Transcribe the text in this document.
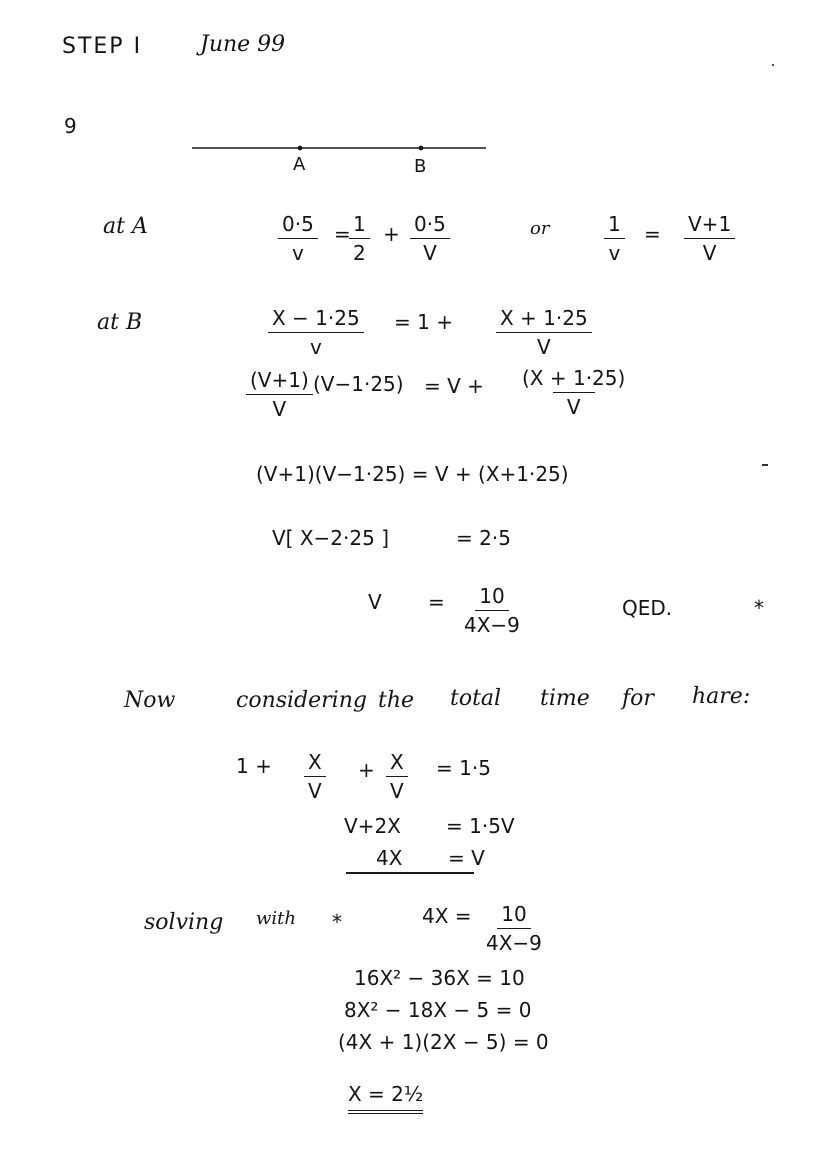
STEP I	June 99
9
A	B
at A	$\frac{0\cdot 5}{v}$ =
$\frac{1}{2} + \frac{0\cdot 5}{V}$	or	$\frac{1}{v} = \frac{V+1}{V}$
at B	$\frac{X - 1\cdot 25}{v} = 1 + \frac{X + 1\cdot 25}{V}$
$\frac{(V+1)}{V} (V-1\cdot 25) = V + \frac{(X + 1\cdot 25)}{V}$
(V+1)(V−1·25) = V + (X+1·25)
V[ X−2·25 ]	= 2·5
$V = \frac{10}{4X-9}$	QED.	*
Now	considering the total time for hare:
$1 + \frac{X}{V} + \frac{X}{V} = 1\cdot 5$
V+2X = 1·5V
4X = V
solving with *	$4X = \frac{10}{4X-9}$
16X² − 36X = 10
8X² − 18X − 5 = 0
(4X + 1)(2X − 5) = 0
X = 2½
